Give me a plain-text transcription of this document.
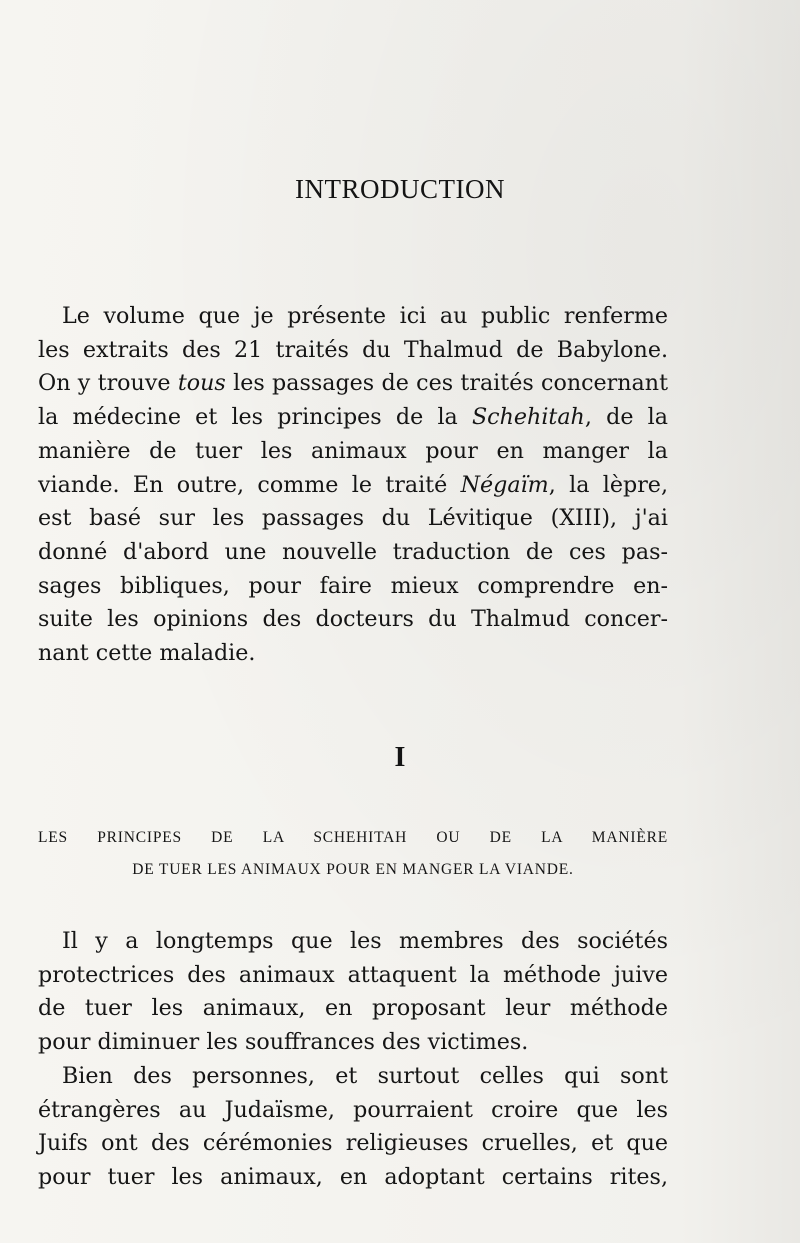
INTRODUCTION
Le volume que je présente ici au public renferme
les extraits des 21 traités du Thalmud de Babylone.
On y trouve tous les passages de ces traités concernant
la médecine et les principes de la Schehitah, de la
manière de tuer les animaux pour en manger la
viande. En outre, comme le traité Négaïm, la lèpre,
est basé sur les passages du Lévitique (XIII), j'ai
donné d'abord une nouvelle traduction de ces pas-
sages bibliques, pour faire mieux comprendre en-
suite les opinions des docteurs du Thalmud concer-
nant cette maladie.
I
LES PRINCIPES DE LA SCHEHITAH OU DE LA MANIÈRE
DE TUER LES ANIMAUX POUR EN MANGER LA VIANDE.
Il y a longtemps que les membres des sociétés
protectrices des animaux attaquent la méthode juive
de tuer les animaux, en proposant leur méthode
pour diminuer les souffrances des victimes.
Bien des personnes, et surtout celles qui sont
étrangères au Judaïsme, pourraient croire que les
Juifs ont des cérémonies religieuses cruelles, et que
pour tuer les animaux, en adoptant certains rites,
